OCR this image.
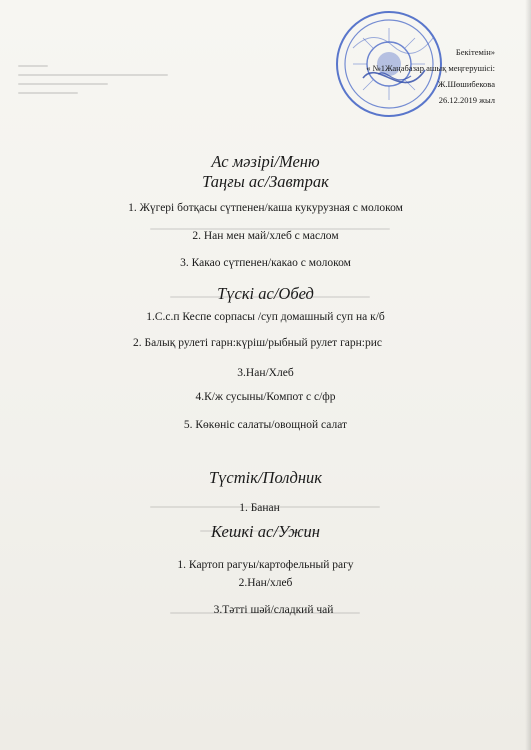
Бекітемін»
« №1Жаңабазар ашық меңгерушісі:
Ж.Шөшибекова
26.12.2019 жыл
Ас мәзірі/Меню
Таңғы ас/Завтрак
1. Жүгері ботқасы сүтпенен/каша кукурузная с молоком
2. Нан мен май/хлеб с маслом
3. Какао сүтпенен/какао с молоком
Түскі ас/Обед
1.С.с.п Кеспе сорпасы /суп домашный суп на к/б
2. Балық рулеті гарн:күріш/рыбный рулет гарн:рис
3.Нан/Хлеб
4.К/ж сусыны/Компот с с/фр
5. Көкөніс салаты/овощной салат
Түстік/Полдник
1. Банан
Кешкі ас/Ужин
1. Картоп рагуы/картофельный рагу
2.Нан/хлеб
3.Тәтті шәй/сладкий чай
